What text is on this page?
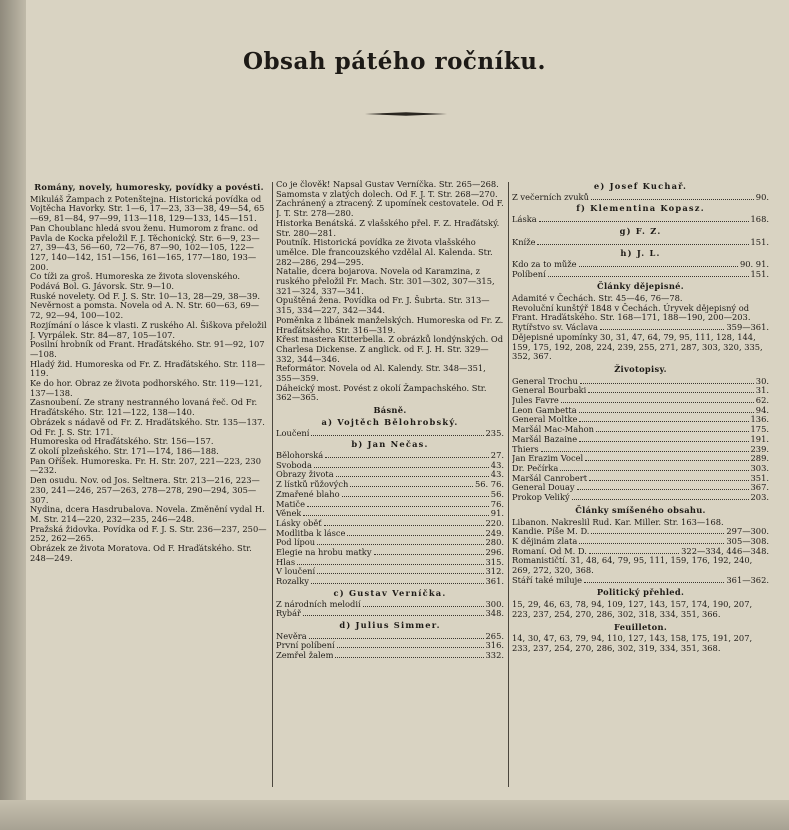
Obsah pátého ročníku.
Romány, novely, humoresky, povídky a povésti.
Mikuláš Žampach z Potenštejna. Historická povídka od Vojtěcha Havorky. Str. 1—6, 17—23, 33—38, 49—54, 65—69, 81—84, 97—99, 113—118, 129—133, 145—151.
Pan Choublanc hledá svou ženu. Humorom z franc. od Pavla de Kocka přeložil F. J. Těchonický. Str. 6—9, 23—27, 39—43, 56—60, 72—76, 87—90, 102—105, 122—127, 140—142, 151—156, 161—165, 177—180, 193—200.
Co tíži za groš. Humoreska ze života slovenského. Podává Bol. G. Jávorsk. Str. 9—10.
Ruské novelety. Od F. J. S. Str. 10—13, 28—29, 38—39.
Nevěrnost a pomsta. Novela od A. N. Str. 60—63, 69—72, 92—94, 100—102.
Rozjímání o lásce k vlasti. Z ruského Al. Šiškova přeložil J. Vyrpálek. Str. 84—87, 105—107.
Posilní hrobník od Frant. Hraďátského. Str. 91—92, 107—108.
Hladý žid. Humoreska od Fr. Z. Hraďátského. Str. 118—119.
Ke do hor. Obraz ze života podhorského. Str. 119—121, 137—138.
Zasnoubení. Ze strany nestranného lovaná řeč. Od Fr. Hraďátského. Str. 121—122, 138—140.
Obrázek s nádavě od Fr. Z. Hraďátského. Str. 135—137.
Od Fr. J. S. Str. 171.
Humoreska od Hraďátského. Str. 156—157.
Z okolí plzeňského. Str. 171—174, 186—188.
Pan Oříšek. Humoreska. Fr. H. Str. 207, 221—223, 230—232.
Den osudu. Nov. od Jos. Seltnera. Str. 213—216, 223—230, 241—246, 257—263, 278—278, 290—294, 305—307.
Nydina, dcera Hasdrubalova. Novela. Změnění vydal H. M. Str. 214—220, 232—235, 246—248.
Pražská židovka. Povídka od F. J. S. Str. 236—237, 250—252, 262—265.
Obrázek ze života Moratova. Od F. Hraďátského. Str. 248—249.
Co je člověk! Napsal Gustav Verníčka. Str. 265—268.
Samomsta v zlatých dolech. Od F. J. T. Str. 268—270.
Zachránený a ztracený. Z upomínek cestovatele. Od F. J. T. Str. 278—280.
Historka Benátská. Z vlašského přel. F. Z. Hraďátský. Str. 280—281.
Poutník. Historická povídka ze života vlašského umělce. Dle francouzského vzdělal Al. Kalenda. Str. 282—286, 294—295.
Natalie, dcera bojarova. Novela od Karamzina, z ruského přeložil Fr. Mach. Str. 301—302, 307—315, 321—324, 337—341.
Opuštěná žena. Povídka od Fr. J. Šubrta. Str. 313—315, 334—227, 342—344.
Poměnka z libánek manželských. Humoreska od Fr. Z. Hraďátského. Str. 316—319.
Křest mastera Kitterbella. Z obrázků londýnských. Od Charlesa Dickense. Z anglick. od F. J. H. Str. 329—332, 344—346.
Reformátor. Novela od Al. Kalendy. Str. 348—351, 355—359.
Dáheický most. Povést z okolí Žampachského. Str. 362—365.
Básně.
a) Vojtěch Bělohrobský.
Loučení	235.
b) Jan Nečas.
Bělohorská	27.
Svoboda	43.
Obrazy života	43.
Z lístků růžových	56. 76.
Zmařené blaho	56.
Matiče	76.
Věnek	91.
Lásky oběť	220.
Modlitba k lásce	249.
Pod lípou	280.
Elegie na hrobu matky	296.
Hlas	315.
V loučení	312.
Rozalky	361.
c) Gustav Verníčka.
Z národních melodií	300.
Rybář	348.
d) Julius Simmer.
Nevěra	265.
První políbení	316.
Zemřel žalem	332.
e) Josef Kuchař.
Z večerních zvuků	90.
f) Klementina Kopasz.
Láska	168.
g) F. Z.
Kníže	151.
h) J. L.
Kdo za to může	90. 91.
Políbení	151.
Články dějepisné.
Adamité v Čechách. Str. 45—46, 76—78.
Revoluční kunštýř 1848 v Čechách. Úryvek dějepisný od Frant. Hraďátského. Str. 168—171, 188—190, 200—203.
Rytířstvo sv. Václava	359—361.
Dějepisné upomínky 30, 31, 47, 64, 79, 95, 111, 128, 144, 159, 175, 192, 208, 224, 239, 255, 271, 287, 303, 320, 335, 352, 367.
Životopisy.
General Trochu	30.
General Bourbaki	31.
Jules Favre	62.
Leon Gambetta	94.
General Moltke	136.
Maršál Mac-Mahon	175.
Maršál Bazaine	191.
Thiers	239.
Jan Erazim Vocel	289.
Dr. Pečírka	303.
Maršál Canrobert	351.
General Douay	367.
Prokop Veliký	203.
Články smíšeného obsahu.
Libanon. Nakreslil Rud. Kar. Miller. Str. 163—168.
Kandie. Píše M. D.	297—300.
K dějinám zlata	305—308.
Romaní. Od M. D.	322—334, 446—348.
Romanističtí. 31, 48, 64, 79, 95, 111, 159, 176, 192, 240, 269, 272, 320, 368.
Stáří také miluje	361—362.
Politický přehled.
15, 29, 46, 63, 78, 94, 109, 127, 143, 157, 174, 190, 207, 223, 237, 254, 270, 286, 302, 318, 334, 351, 366.
Feuilleton.
14, 30, 47, 63, 79, 94, 110, 127, 143, 158, 175, 191, 207, 233, 237, 254, 270, 286, 302, 319, 334, 351, 368.
